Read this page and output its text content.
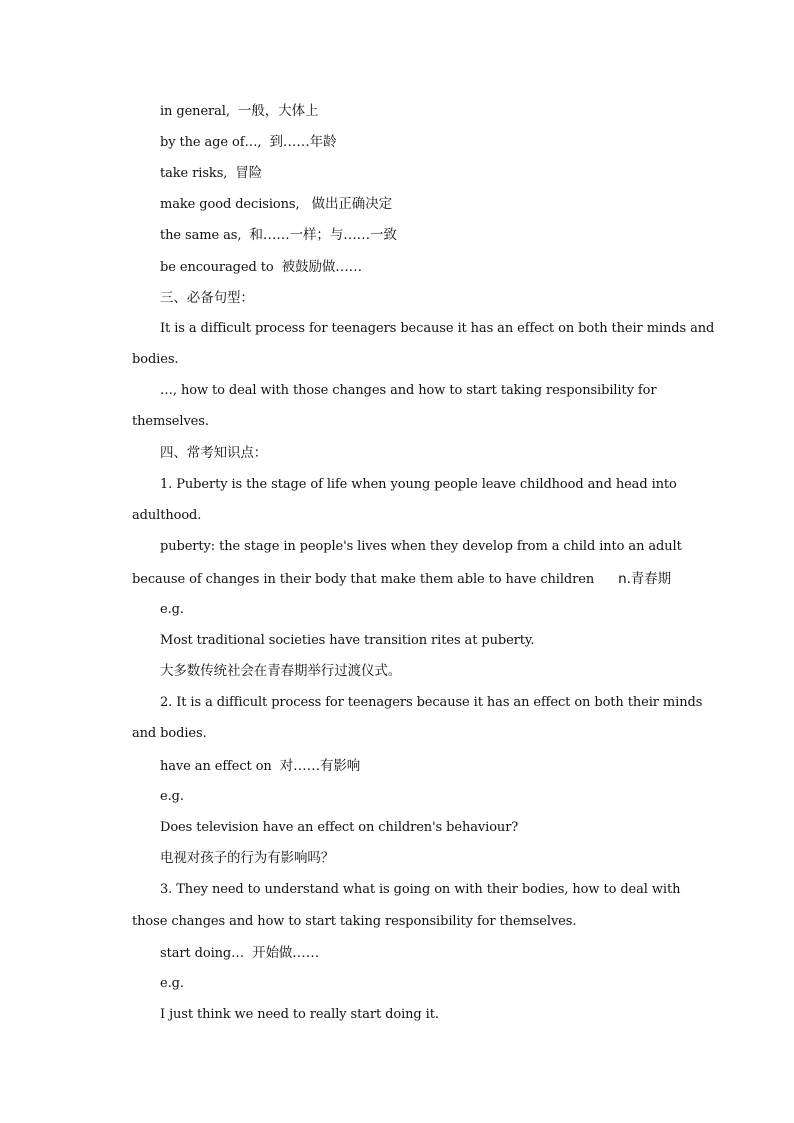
in general, 一般，大体上
by the age of…, 到……年龄
take risks, 冒险
make good decisions, 做出正确决定
the same as, 和……一样；与……一致
be encouraged to 被鼓励做……
三、必备句型：
It is a difficult process for teenagers because it has an effect on both their minds and
bodies.
…, how to deal with those changes and how to start taking responsibility for
themselves.
四、常考知识点：
1. Puberty is the stage of life when young people leave childhood and head into
adulthood.
puberty: the stage in people's lives when they develop from a child into an adult
because of changes in their body that make them able to have children n.青春期
e.g.
Most traditional societies have transition rites at puberty.
大多数传统社会在青春期举行过渡仪式。
2. It is a difficult process for teenagers because it has an effect on both their minds
and bodies.
have an effect on 对……有影响
e.g.
Does television have an effect on children's behaviour?
电视对孩子的行为有影响吗？
3. They need to understand what is going on with their bodies, how to deal with
those changes and how to start taking responsibility for themselves.
start doing… 开始做……
e.g.
I just think we need to really start doing it.
